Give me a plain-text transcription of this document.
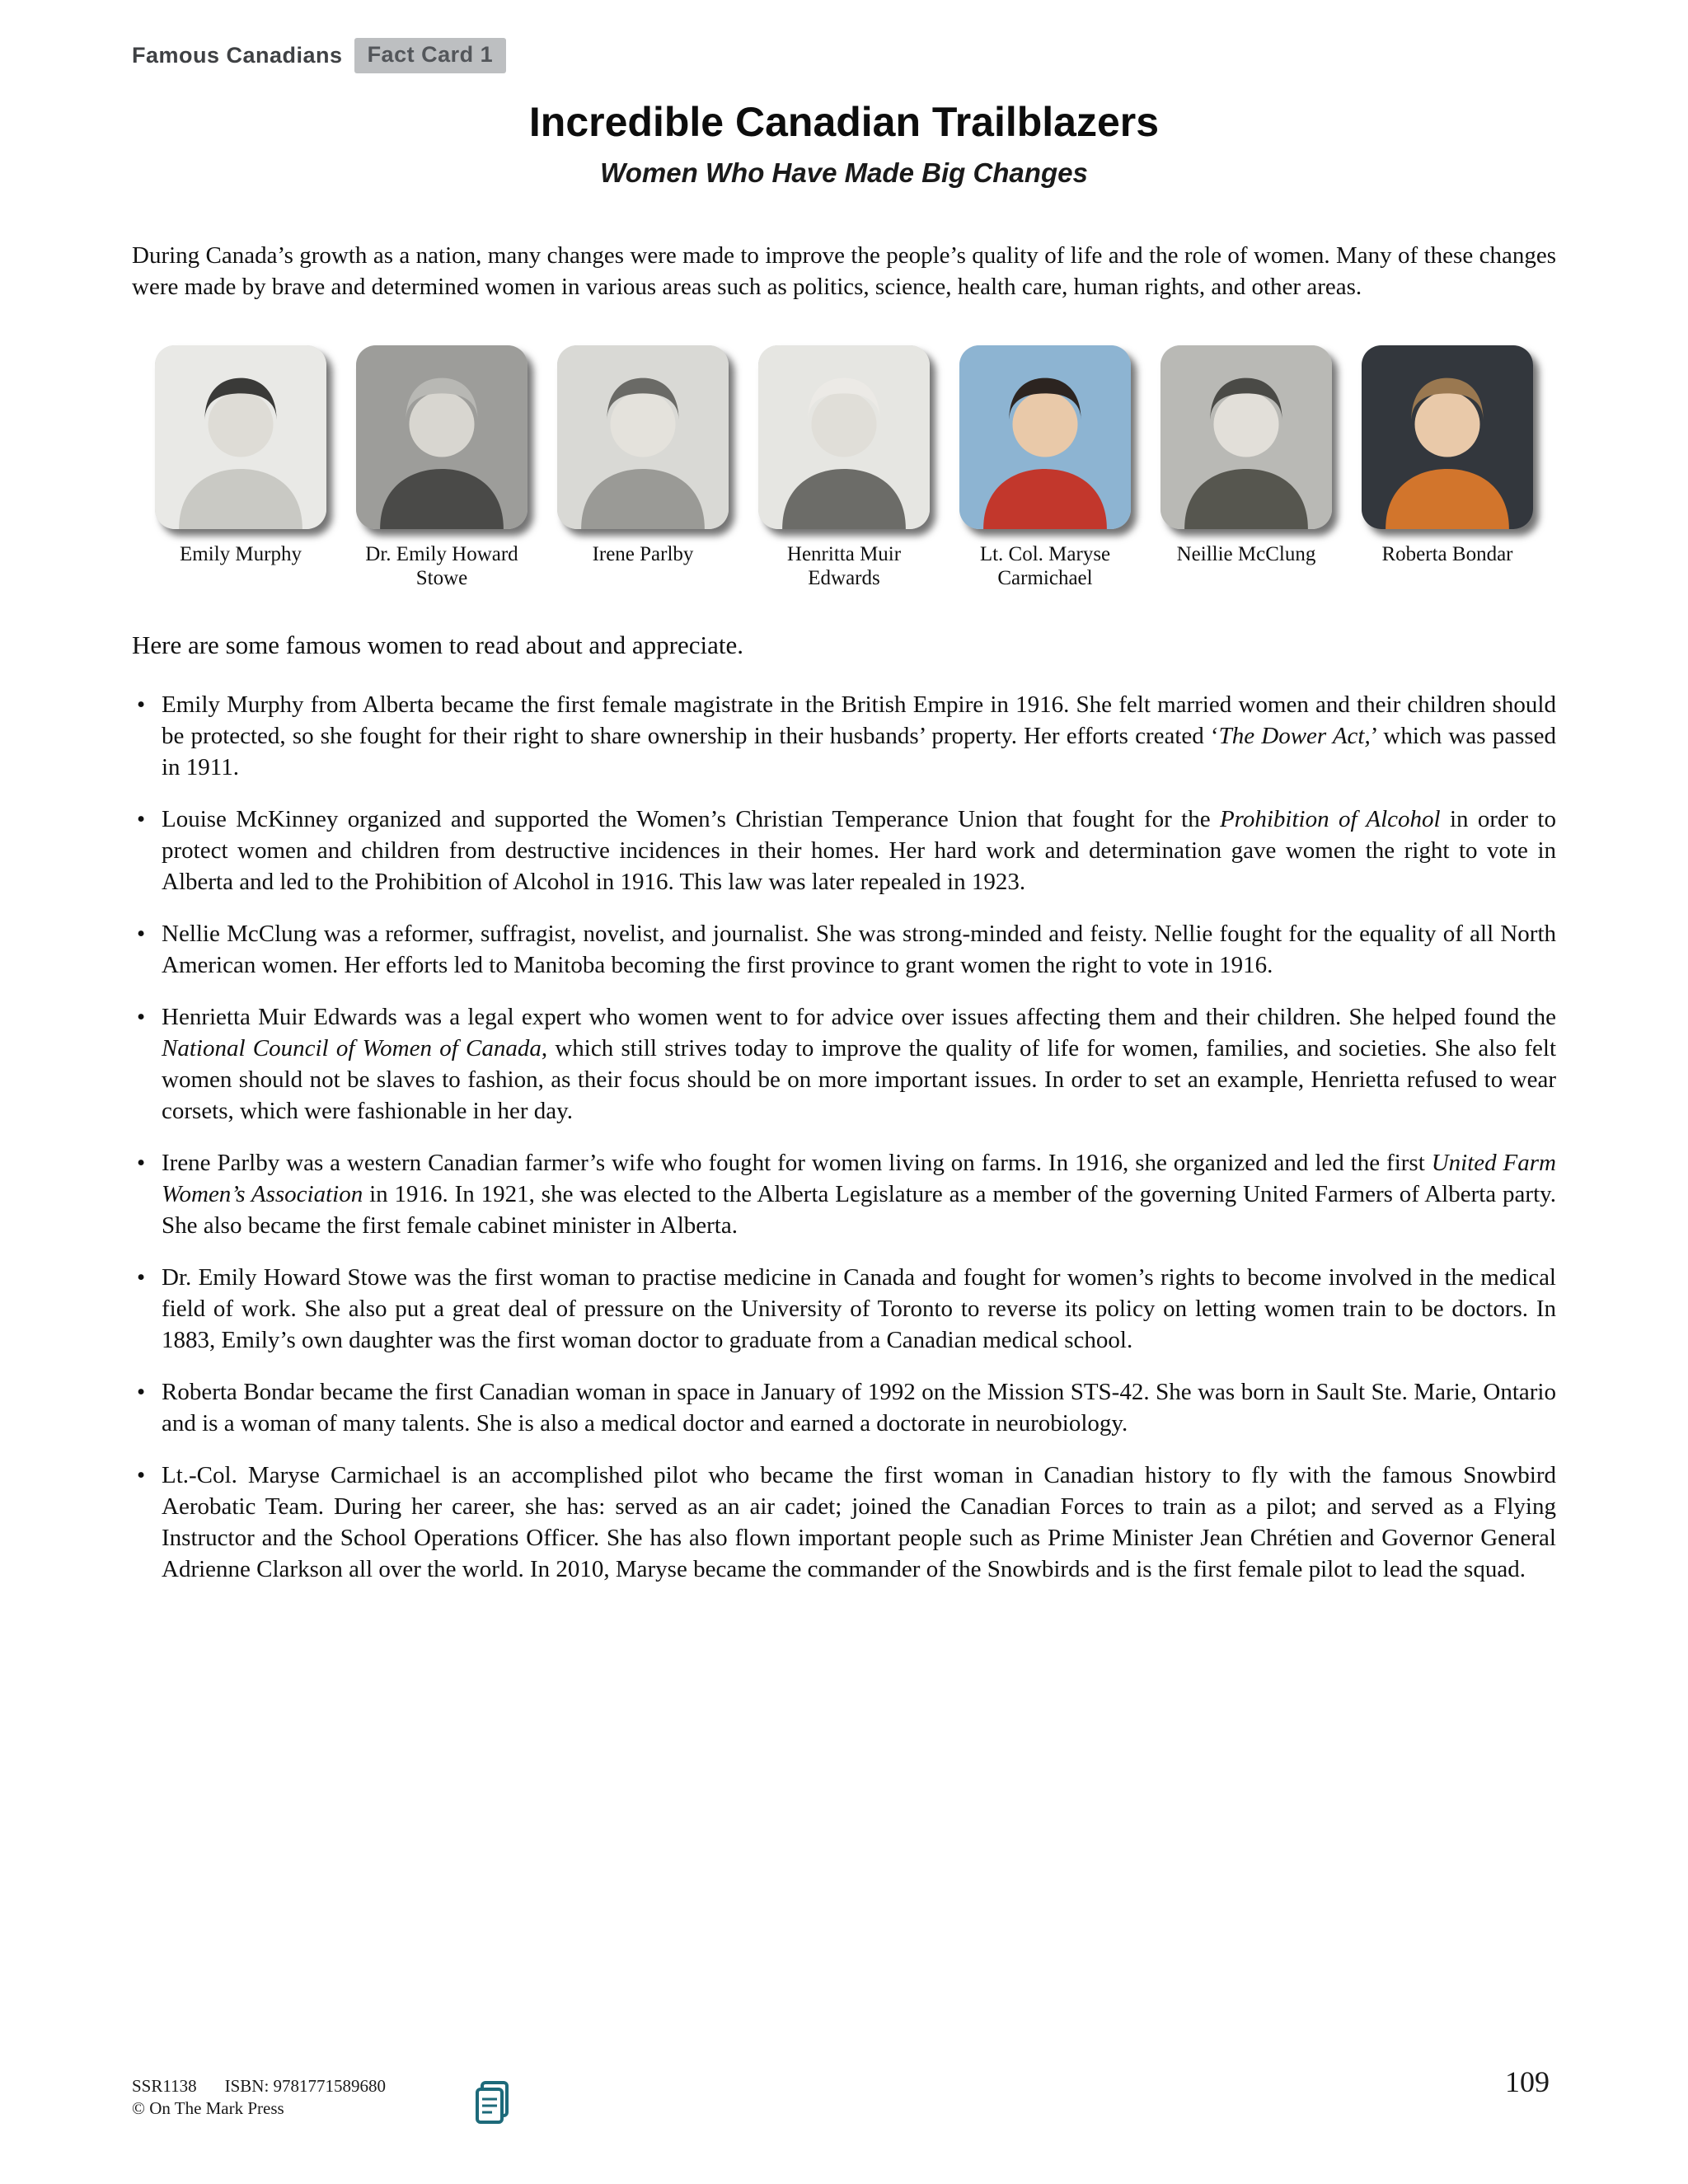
Famous Canadians	Fact Card 1
Incredible Canadian Trailblazers
Women Who Have Made Big Changes

During Canada’s growth as a nation, many changes were made to improve the people’s quality of life and the role of women. Many of these changes were made by brave and determined women in various areas such as politics, science, health care, human rights, and other areas.

Emily Murphy	Dr. Emily Howard Stowe
Irene Parlby	Henritta Muir Edwards
Lt. Col. Maryse Carmichael
Neillie McClung	Roberta Bondar

Here are some famous women to read about and appreciate.

• Emily Murphy from Alberta became the first female magistrate in the British Empire in 1916. She felt married women and their children should be protected, so she fought for their right to share ownership in their husbands’ property. Her efforts created ‘The Dower Act,’ which was passed in 1911.
• Louise McKinney organized and supported the Women’s Christian Temperance Union that fought for the Prohibition of Alcohol in order to protect women and children from destructive incidences in their homes. Her hard work and determination gave women the right to vote in Alberta and led to the Prohibition of Alcohol in 1916. This law was later repealed in 1923.
• Nellie McClung was a reformer, suffragist, novelist, and journalist. She was strong-minded and feisty. Nellie fought for the equality of all North American women. Her efforts led to Manitoba becoming the first province to grant women the right to vote in 1916.
• Henrietta Muir Edwards was a legal expert who women went to for advice over issues affecting them and their children. She helped found the National Council of Women of Canada, which still strives today to improve the quality of life for women, families, and societies. She also felt women should not be slaves to fashion, as their focus should be on more important issues. In order to set an example, Henrietta refused to wear corsets, which were fashionable in her day.
• Irene Parlby was a western Canadian farmer’s wife who fought for women living on farms. In 1916, she organized and led the first United Farm Women’s Association in 1916. In 1921, she was elected to the Alberta Legislature as a member of the governing United Farmers of Alberta party. She also became the first female cabinet minister in Alberta.
• Dr. Emily Howard Stowe was the first woman to practise medicine in Canada and fought for women’s rights to become involved in the medical field of work. She also put a great deal of pressure on the University of Toronto to reverse its policy on letting women train to be doctors. In 1883, Emily’s own daughter was the first woman doctor to graduate from a Canadian medical school.
• Roberta Bondar became the first Canadian woman in space in January of 1992 on the Mission STS-42. She was born in Sault Ste. Marie, Ontario and is a woman of many talents. She is also a medical doctor and earned a doctorate in neurobiology.
• Lt.-Col. Maryse Carmichael is an accomplished pilot who became the first woman in Canadian history to fly with the famous Snowbird Aerobatic Team. During her career, she has: served as an air cadet; joined the Canadian Forces to train as a pilot; and served as a Flying Instructor and the School Operations Officer. She has also flown important people such as Prime Minister Jean Chrétien and Governor General Adrienne Clarkson all over the world. In 2010, Maryse became the commander of the Snowbirds and is the first female pilot to lead the squad.
SSR1138 ISBN: 9781771589680
© On The Mark Press
109
